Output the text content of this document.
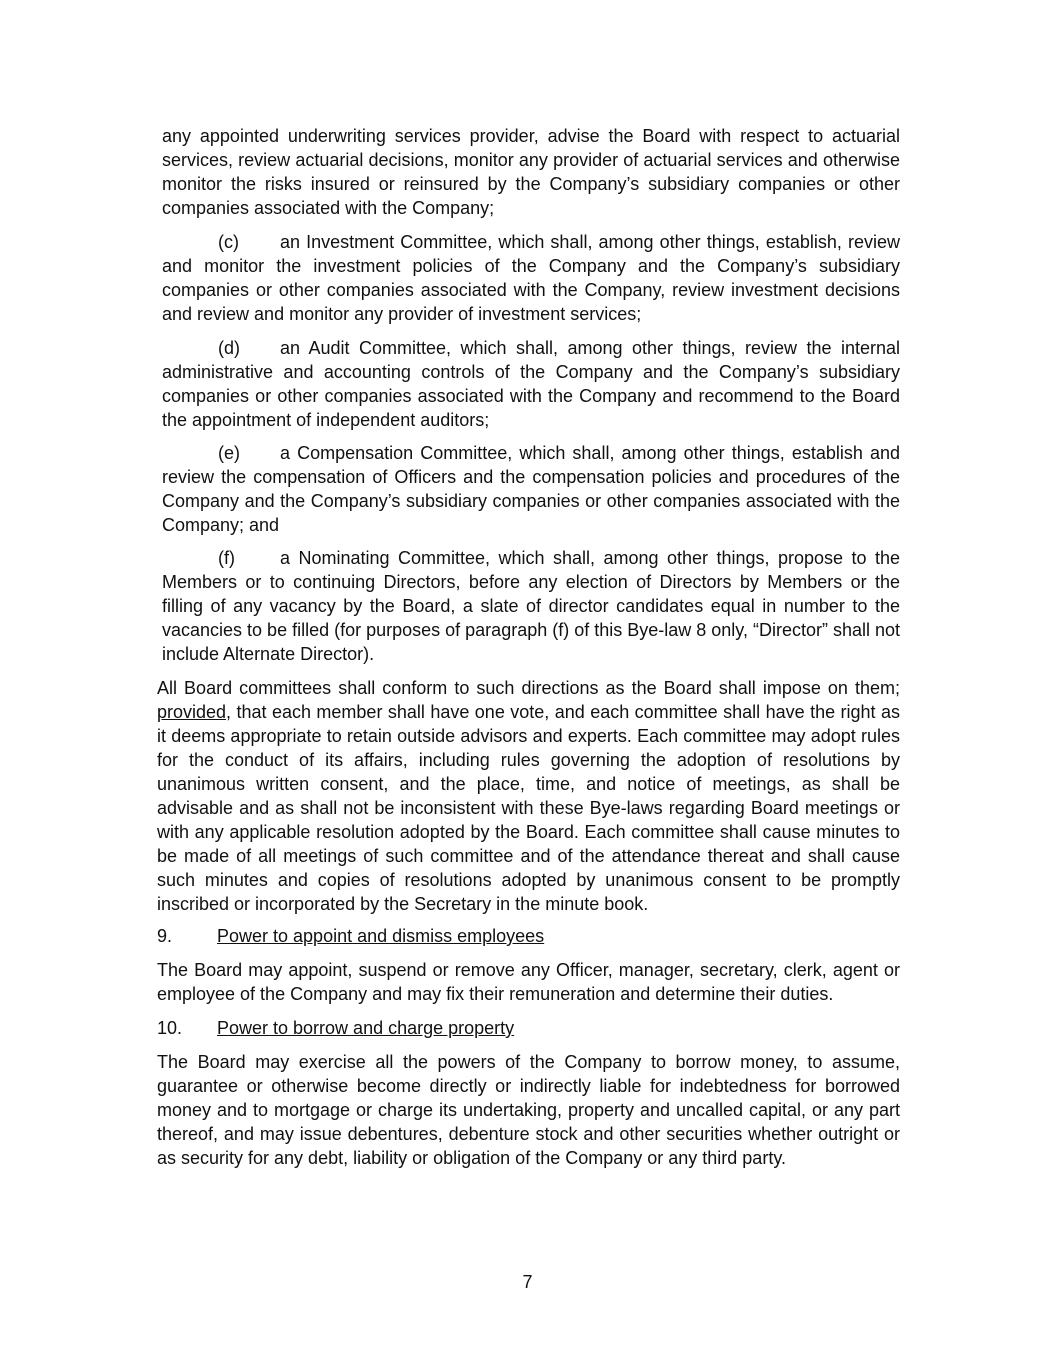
any appointed underwriting services provider, advise the Board with respect to actuarial services, review actuarial decisions, monitor any provider of actuarial services and otherwise monitor the risks insured or reinsured by the Company’s subsidiary companies or other companies associated with the Company;

(c) an Investment Committee, which shall, among other things, establish, review and monitor the investment policies of the Company and the Company’s subsidiary companies or other companies associated with the Company, review investment decisions and review and monitor any provider of investment services;

(d) an Audit Committee, which shall, among other things, review the internal administrative and accounting controls of the Company and the Company’s subsidiary companies or other companies associated with the Company and recommend to the Board the appointment of independent auditors;

(e) a Compensation Committee, which shall, among other things, establish and review the compensation of Officers and the compensation policies and procedures of the Company and the Company’s subsidiary companies or other companies associated with the Company; and

(f)	a Nominating Committee, which shall, among other things, propose to the Members or to continuing Directors, before any election of Directors by Members or the filling of any vacancy by the Board, a slate of director candidates equal in number to the vacancies to be filled (for purposes of paragraph (f) of this Bye-law 8 only, “Director” shall not include Alternate Director).

All Board committees shall conform to such directions as the Board shall impose on them; provided, that each member shall have one vote, and each committee shall have the right as it deems appropriate to retain outside advisors and experts. Each committee may adopt rules for the conduct of its affairs, including rules governing the adoption of resolutions by unanimous written consent, and the place, time, and notice of meetings, as shall be advisable and as shall not be inconsistent with these Bye-laws regarding Board meetings or with any applicable resolution adopted by the Board. Each committee shall cause minutes to be made of all meetings of such committee and of the attendance thereat and shall cause such minutes and copies of resolutions adopted by unanimous consent to be promptly inscribed or incorporated by the Secretary in the minute book.

9. Power to appoint and dismiss employees

The Board may appoint, suspend or remove any Officer, manager, secretary, clerk, agent or employee of the Company and may fix their remuneration and determine their duties.

10. Power to borrow and charge property

The Board may exercise all the powers of the Company to borrow money, to assume, guarantee or otherwise become directly or indirectly liable for indebtedness for borrowed money and to mortgage or charge its undertaking, property and uncalled capital, or any part thereof, and may issue debentures, debenture stock and other securities whether outright or as security for any debt, liability or obligation of the Company or any third party.

7
